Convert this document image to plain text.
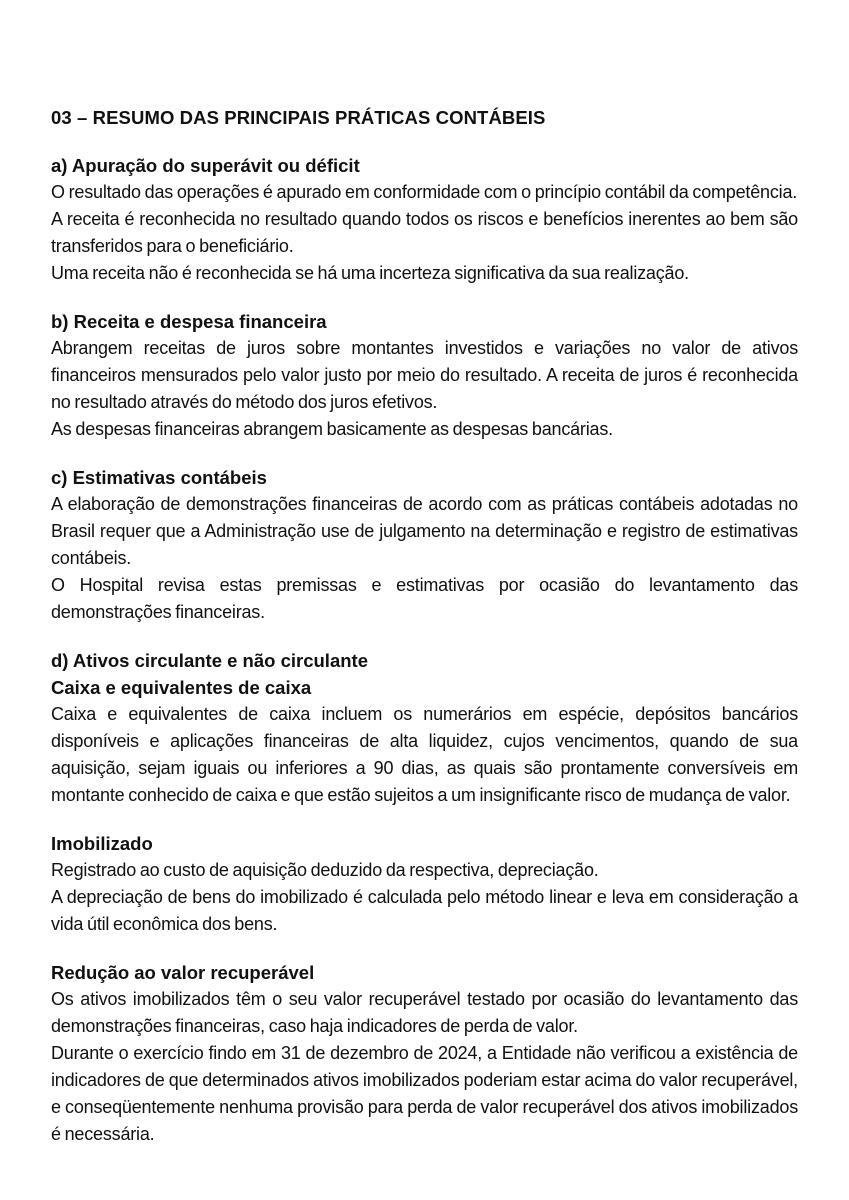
03 – RESUMO DAS PRINCIPAIS PRÁTICAS CONTÁBEIS
a) Apuração do superávit ou déficit

O resultado das operações é apurado em conformidade com o princípio contábil da competência.

A receita é reconhecida no resultado quando todos os riscos e benefícios inerentes ao bem são transferidos para o beneficiário.

Uma receita não é reconhecida se há uma incerteza significativa da sua realização.

b) Receita e despesa financeira

Abrangem receitas de juros sobre montantes investidos e variações no valor de ativos financeiros mensurados pelo valor justo por meio do resultado. A receita de juros é reconhecida no resultado através do método dos juros efetivos.

As despesas financeiras abrangem basicamente as despesas bancárias.

c) Estimativas contábeis

A elaboração de demonstrações financeiras de acordo com as práticas contábeis adotadas no Brasil requer que a Administração use de julgamento na determinação e registro de estimativas contábeis.

O Hospital revisa estas premissas e estimativas por ocasião do levantamento das demonstrações financeiras.

d) Ativos circulante e não circulante
Caixa e equivalentes de caixa

Caixa e equivalentes de caixa incluem os numerários em espécie, depósitos bancários disponíveis e aplicações financeiras de alta liquidez, cujos vencimentos, quando de sua aquisição, sejam iguais ou inferiores a 90 dias, as quais são prontamente conversíveis em montante conhecido de caixa e que estão sujeitos a um insignificante risco de mudança de valor.

Imobilizado

Registrado ao custo de aquisição deduzido da respectiva, depreciação.

A depreciação de bens do imobilizado é calculada pelo método linear e leva em consideração a vida útil econômica dos bens.

Redução ao valor recuperável

Os ativos imobilizados têm o seu valor recuperável testado por ocasião do levantamento das demonstrações financeiras, caso haja indicadores de perda de valor.

Durante o exercício findo em 31 de dezembro de 2024, a Entidade não verificou a existência de indicadores de que determinados ativos imobilizados poderiam estar acima do valor recuperável, e conseqüentemente nenhuma provisão para perda de valor recuperável dos ativos imobilizados é necessária.
